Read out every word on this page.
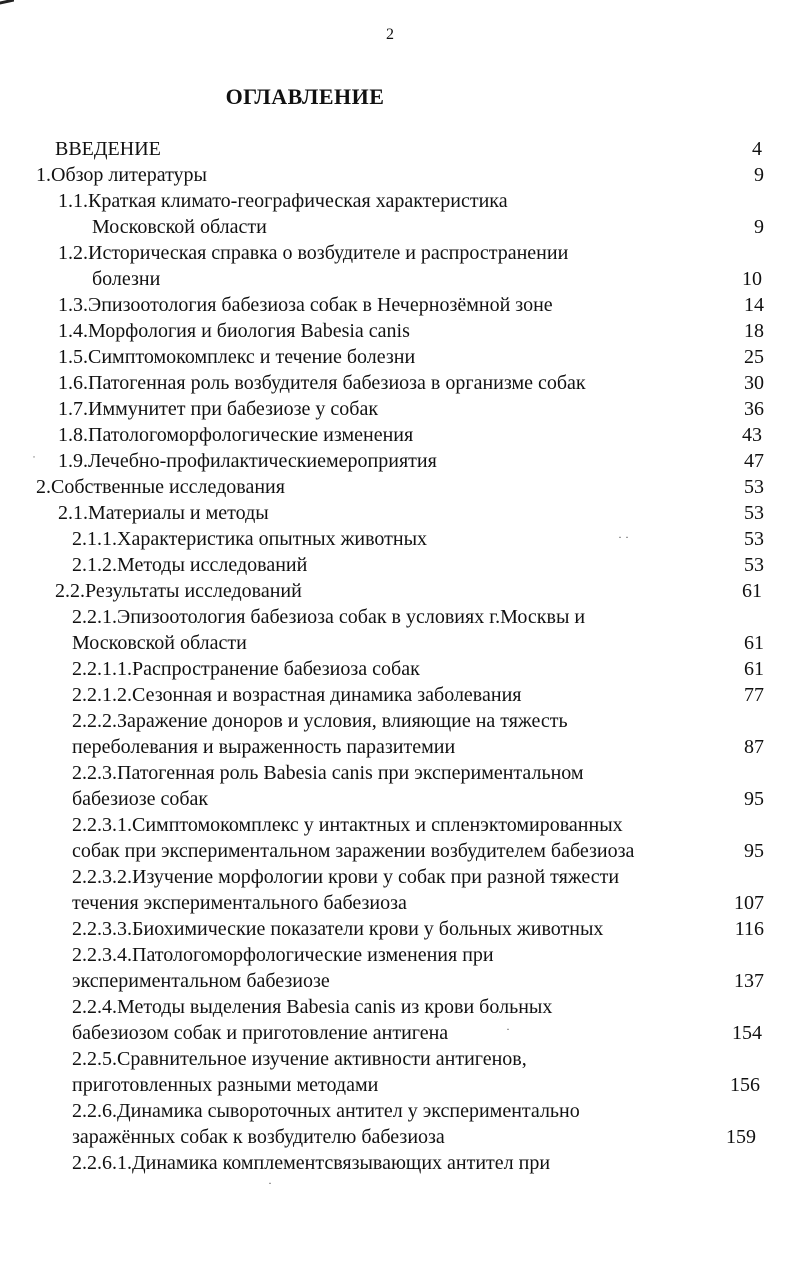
2
ОГЛАВЛЕНИЕ
ВВЕДЕНИЕ	4
1.Обзор литературы	9
1.1.Краткая климато-географическая характеристика
Московской области	9
1.2.Историческая справка о возбудителе и распространении
болезни	10
1.3.Эпизоотология бабезиоза собак в Нечернозёмной зоне	14
1.4.Морфология и биология Babesia canis	18
1.5.Симптомокомплекс и течение болезни	25
1.6.Патогенная роль возбудителя бабезиоза в организме собак	30
1.7.Иммунитет при бабезиозе у собак	36
1.8.Патологоморфологические изменения	43
1.9.Лечебно-профилактическиемероприятия	47
2.Собственные исследования	53
2.1.Материалы и методы	53
2.1.1.Характеристика опытных животных	53
2.1.2.Методы исследований	53
2.2.Результаты исследований	61
2.2.1.Эпизоотология бабезиоза собак в условиях г.Москвы и
Московской области	61
2.2.1.1.Распространение бабезиоза собак	61
2.2.1.2.Сезонная и возрастная динамика заболевания	77
2.2.2.Заражение доноров и условия, влияющие на тяжесть
переболевания и выраженность паразитемии	87
2.2.3.Патогенная роль Babesia canis при экспериментальном
бабезиозе собак	95
2.2.3.1.Симптомокомплекс у интактных и спленэктомированных
собак при экспериментальном заражении возбудителем бабезиоза	95
2.2.3.2.Изучение морфологии крови у собак при разной тяжести
течения экспериментального бабезиоза	107
2.2.3.3.Биохимические показатели крови у больных животных	116
2.2.3.4.Патологоморфологические изменения при
экспериментальном бабезиозе	137
2.2.4.Методы выделения Babesia canis из крови больных
бабезиозом собак и приготовление антигена	154
2.2.5.Сравнительное изучение активности антигенов,
приготовленных разными методами	156
2.2.6.Динамика сывороточных антител у экспериментально
заражённых собак к возбудителю бабезиоза	159
2.2.6.1.Динамика комплементсвязывающих антител при
˙
· ·
·
·
